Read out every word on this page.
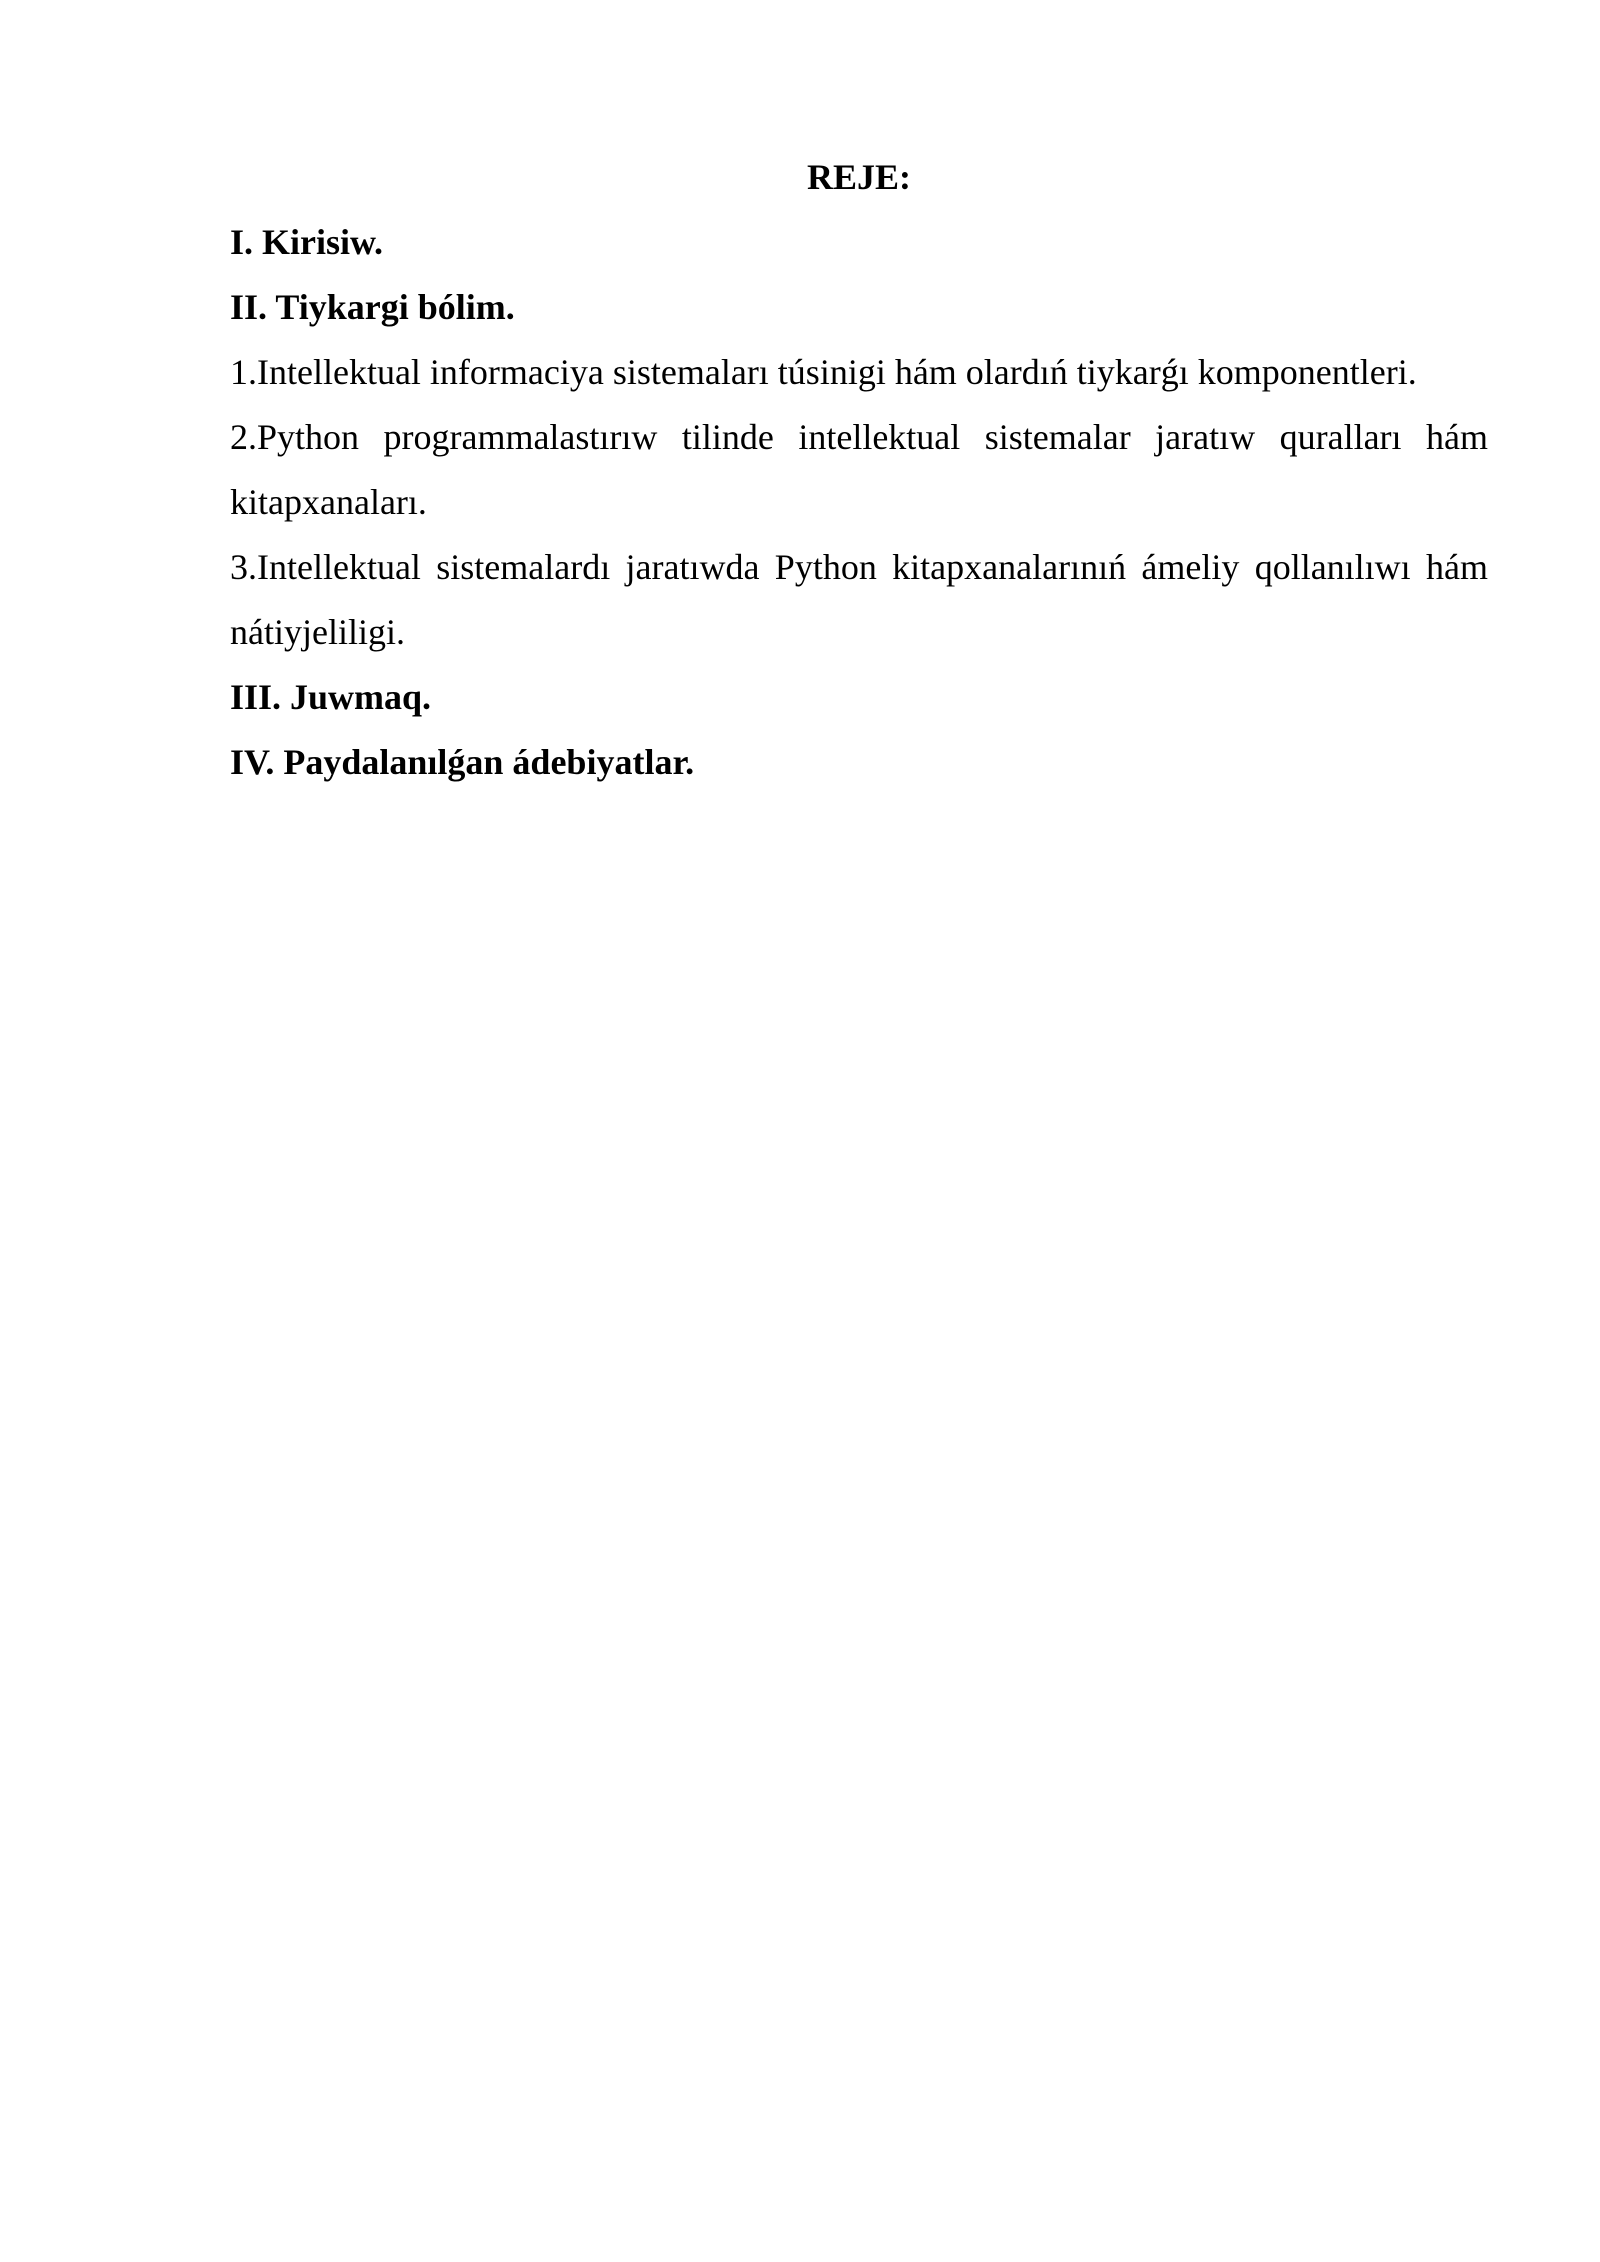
REJE:

I. Kirisiw.

II. Tiykargi bólim.

1.Intellektual informaciya sistemaları túsinigi hám olardıń tiykarǵı komponentleri.

2.Python programmalastırıw tilinde intellektual sistemalar jaratıw quralları hám kitapxanaları.

3.Intellektual sistemalardı jaratıwda Python kitapxanalarınıń ámeliy qollanılıwı hám nátiyjeliligi.

III. Juwmaq.

IV. Paydalanılǵan ádebiyatlar.
